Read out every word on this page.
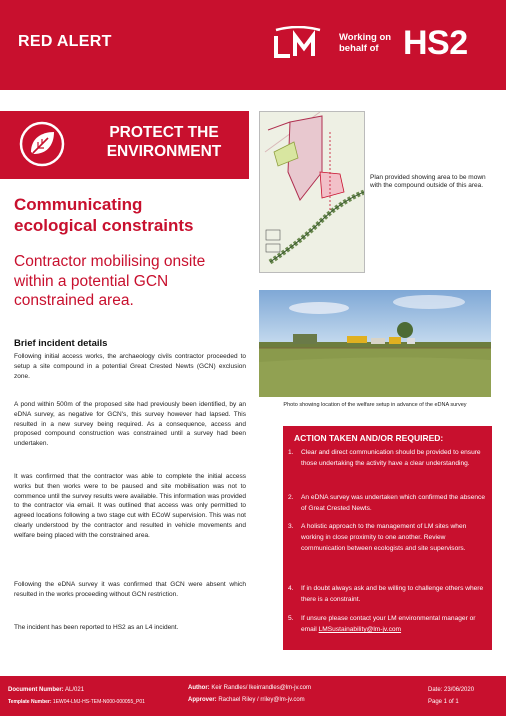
RED ALERT	Working on
behalf of HS2
PROTECT THE
ENVIRONMENT
Plan provided showing area to be mown with the compound outside of this area.
Communicating
ecological constraints
Contractor mobilising onsite
within a potential GCN
constrained area.
Photo showing location of the welfare setup in advance of the eDNA survey
Brief incident details
Following initial access works, the archaeology civils contractor proceeded to setup a site compound in a potential Great Crested Newts (GCN) exclusion zone.
A pond within 500m of the proposed site had previously been identified, by an eDNA survey, as negative for GCN's, this survey however had lapsed. This resulted in a new survey being required. As a consequence, access and proposed compound construction was constrained until a survey had been undertaken.
It was confirmed that the contractor was able to complete the initial access works but then works were to be paused and site mobilisation was not to commence until the survey results were available. This information was provided to the contractor via email. It was outlined that access was only permitted to agreed locations following a two stage cut with ECoW supervision. This was not clearly understood by the contractor and resulted in vehicle movements and welfare being placed with the constrained area.
Following the eDNA survey it was confirmed that GCN were absent which resulted in the works proceeding without GCN restriction.
The incident has been reported to HS2 as an L4 incident.
ACTION TAKEN AND/OR REQUIRED:
1.	Clear and direct communication should be provided to ensure those undertaking the activity have a clear understanding.
2.	An eDNA survey was undertaken which confirmed the absence of Great Crested Newts.
3.	A holistic approach to the management of LM sites when working in close proximity to one another. Review communication between ecologists and site supervisors.
4.	If in doubt always ask and be willing to challenge others where there is a constraint.
5.	If unsure please contact your LM environmental manager or email LMSustainability@lm-jv.com
Document Number: AL/021
Template Number: 1EW04-LMJ-HS-TEM-N000-000055_P01
Author: Keir Randles/ lkeirrandles@lm-jv.com
Approver: Rachael Riley / rriley@lm-jv.com
Date: 23/06/2020
Page 1 of 1
